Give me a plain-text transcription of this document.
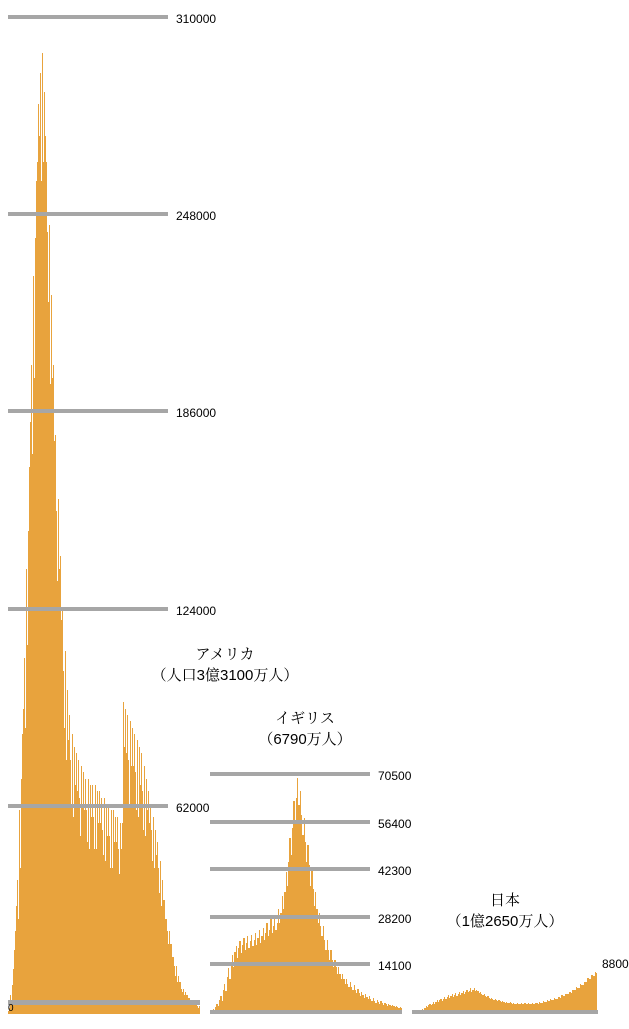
310000
248000
186000
124000
62000
0
アメリカ
（人口3億3100万人）
70500
56400
42300
28200
14100
イギリス
（6790万人）
8800
日本
（1億2650万人）
